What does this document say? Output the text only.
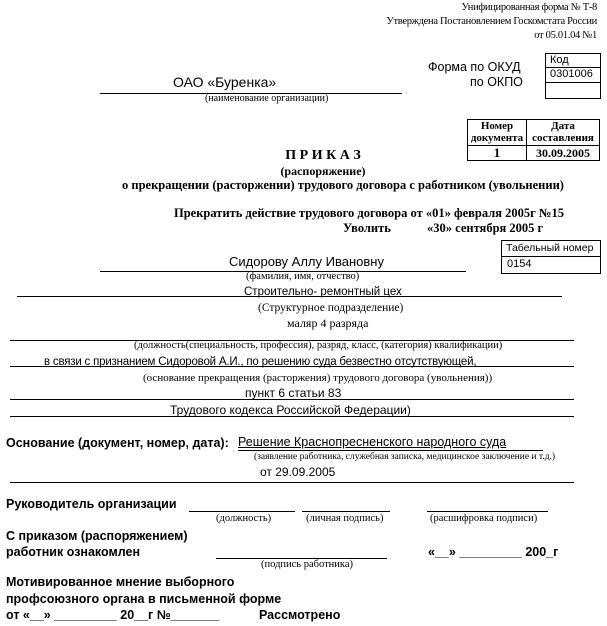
Унифицированная форма № Т-8
Утверждена Постановлением Госкомстата России
от 05.01.04 №1
Код
0301006
Форма по ОКУД
по ОКПО
ОАО «Буренка»
(наименование организации)
Номер
документа	Дата
составления
1	30.09.2005
П Р И К А З
(распоряжение)
о прекращении (расторжении) трудового договора с работником (увольнении)
Прекратить действие трудового договора от «01» февраля 2005г №15
Уволить	«30» сентября 2005 г
Табельный номер
0154
Сидорову Аллу Ивановну
(фамилия, имя, отчество)
Строительно- ремонтный цех
(Структурное подразделение)
маляр 4 разряда
(должность(специальность, профессия), разряд, класс, (категория) квалификации)
в связи с признанием Сидоровой А.И., по решению суда безвестно отсутствующей,
(основание прекращения (расторжения) трудового договора (увольнения))
пункт 6 статьи 83
Трудового кодекса Российской Федерации)
Основание (документ, номер, дата): Решение Краснопресненского народного суда
(заявление работника, служебная записка, медицинское заключение и т.д.)
от 29.09.2005
Руководитель организации
(должность)	(личная подпись)	(расшифровка подписи)
С приказом (распоряжением)
работник ознакомлен
(подпись работника)
«__» _________ 200_г
Мотивированное мнение выборного
профсоюзного органа в письменной форме
от «__» _________ 20__г №_______	Рассмотрено
